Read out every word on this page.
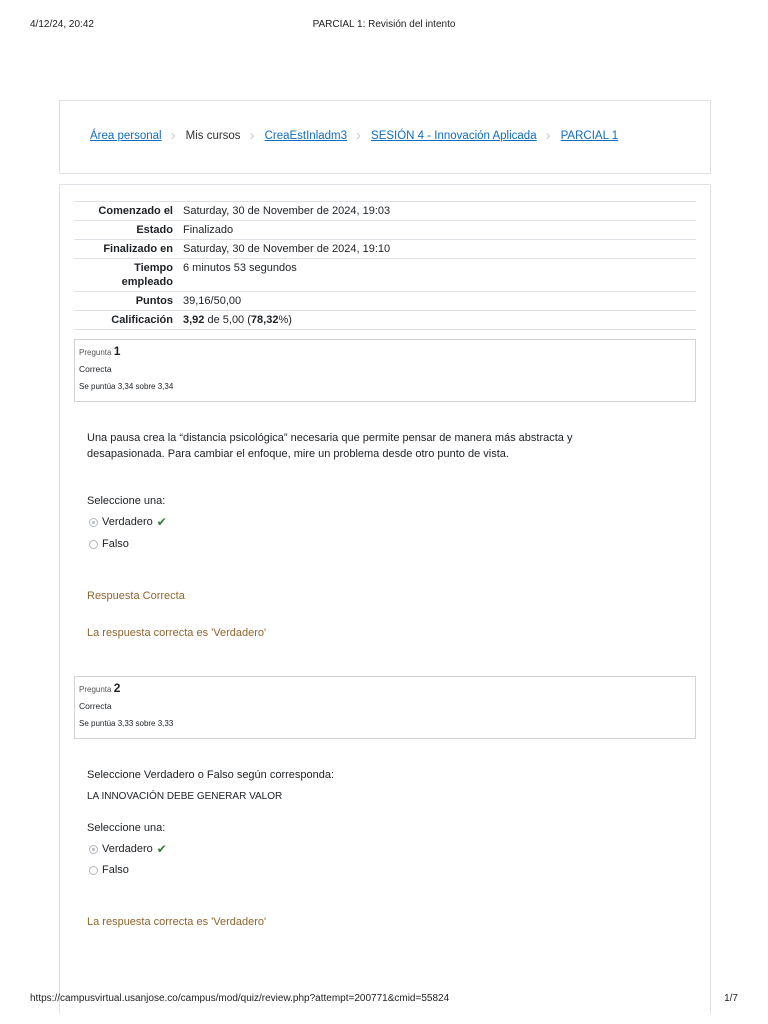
4/12/24, 20:42	PARCIAL 1: Revisión del intento
Área personal › Mis cursos › CreaEstInladm3 › SESIÓN 4 - Innovación Aplicada › PARCIAL 1
Comenzado el Saturday, 30 de November de 2024, 19:03
Estado Finalizado
Finalizado en Saturday, 30 de November de 2024, 19:10
Tiempo
empleado
6 minutos 53 segundos
Puntos 39,16/50,00
Calificación 3,92 de 5,00 (78,32%)
Pregunta 1
Correcta
Se puntúa 3,34 sobre 3,34
Una pausa crea la “distancia psicológica” necesaria que permite pensar de manera más abstracta y desapasionada. Para cambiar el enfoque, mire un problema desde otro punto de vista.
Seleccione una:
Verdadero ✔
Falso
Respuesta Correcta
La respuesta correcta es 'Verdadero'
Pregunta 2
Correcta
Se puntúa 3,33 sobre 3,33
Seleccione Verdadero o Falso según corresponda:
LA INNOVACIÓN DEBE GENERAR VALOR
Seleccione una:
Verdadero ✔
Falso
La respuesta correcta es 'Verdadero'
https://campusvirtual.usanjose.co/campus/mod/quiz/review.php?attempt=200771&cmid=55824	1/7
